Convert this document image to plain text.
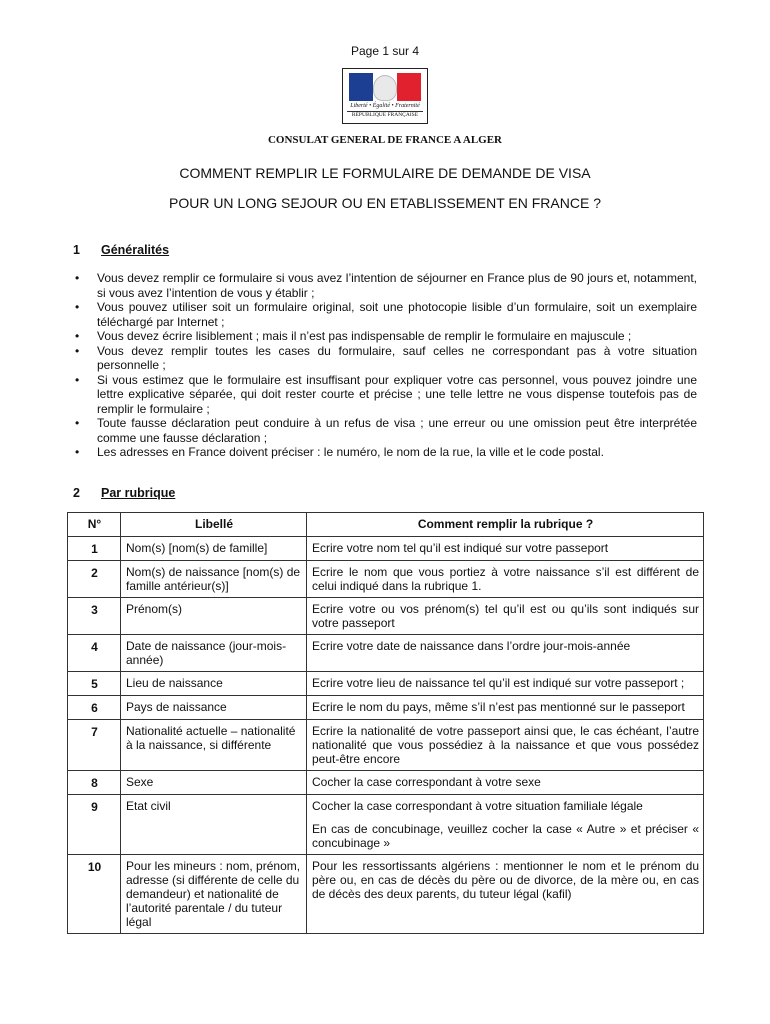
Page 1 sur 4
Liberté • Égalité • Fraternité
RÉPUBLIQUE FRANÇAISE
CONSULAT GENERAL DE FRANCE A ALGER
COMMENT REMPLIR LE FORMULAIRE DE DEMANDE DE VISA
POUR UN LONG SEJOUR OU EN ETABLISSEMENT EN FRANCE ?
1 Généralités
• Vous devez remplir ce formulaire si vous avez l’intention de séjourner en France plus de 90 jours et, notamment, si vous avez l’intention de vous y établir ;
• Vous pouvez utiliser soit un formulaire original, soit une photocopie lisible d’un formulaire, soit un exemplaire téléchargé par Internet ;
• Vous devez écrire lisiblement ; mais il n’est pas indispensable de remplir le formulaire en majuscule ;
• Vous devez remplir toutes les cases du formulaire, sauf celles ne correspondant pas à votre situation personnelle ;
• Si vous estimez que le formulaire est insuffisant pour expliquer votre cas personnel, vous pouvez joindre une lettre explicative séparée, qui doit rester courte et précise ; une telle lettre ne vous dispense toutefois pas de remplir le formulaire ;
• Toute fausse déclaration peut conduire à un refus de visa ; une erreur ou une omission peut être interprétée comme une fausse déclaration ;
• Les adresses en France doivent préciser : le numéro, le nom de la rue, la ville et le code postal.
2 Par rubrique
N°	Libellé	Comment remplir la rubrique ?
1	Nom(s) [nom(s) de famille]	Ecrire votre nom tel qu’il est indiqué sur votre passeport

2	Nom(s) de naissance [nom(s) de famille antérieur(s)]	Ecrire le nom que vous portiez à votre naissance s’il est différent de celui indiqué dans la rubrique 1.

3	Prénom(s)	Ecrire votre ou vos prénom(s) tel qu’il est ou qu’ils sont indiqués sur votre passeport

4	Date de naissance (jour-mois-année)	Ecrire votre date de naissance dans l’ordre jour-mois-année

5	Lieu de naissance	Ecrire votre lieu de naissance tel qu’il est indiqué sur votre passeport ;

6	Pays de naissance	Ecrire le nom du pays, même s’il n’est pas mentionné sur le passeport

7	Nationalité actuelle – nationalité à la naissance, si différente	Ecrire la nationalité de votre passeport ainsi que, le cas échéant, l’autre nationalité que vous possédiez à la naissance et que vous possédez peut-être encore

8	Sexe	Cocher la case correspondant à votre sexe

9	Etat civil	Cocher la case correspondant à votre situation familiale légale

En cas de concubinage, veuillez cocher la case « Autre » et préciser « concubinage »

10	Pour les mineurs : nom, prénom, adresse (si différente de celle du demandeur) et nationalité de l’autorité parentale / du tuteur légal	Pour les ressortissants algériens : mentionner le nom et le prénom du père ou, en cas de décès du père ou de divorce, de la mère ou, en cas de décès des deux parents, du tuteur légal (kafil)
